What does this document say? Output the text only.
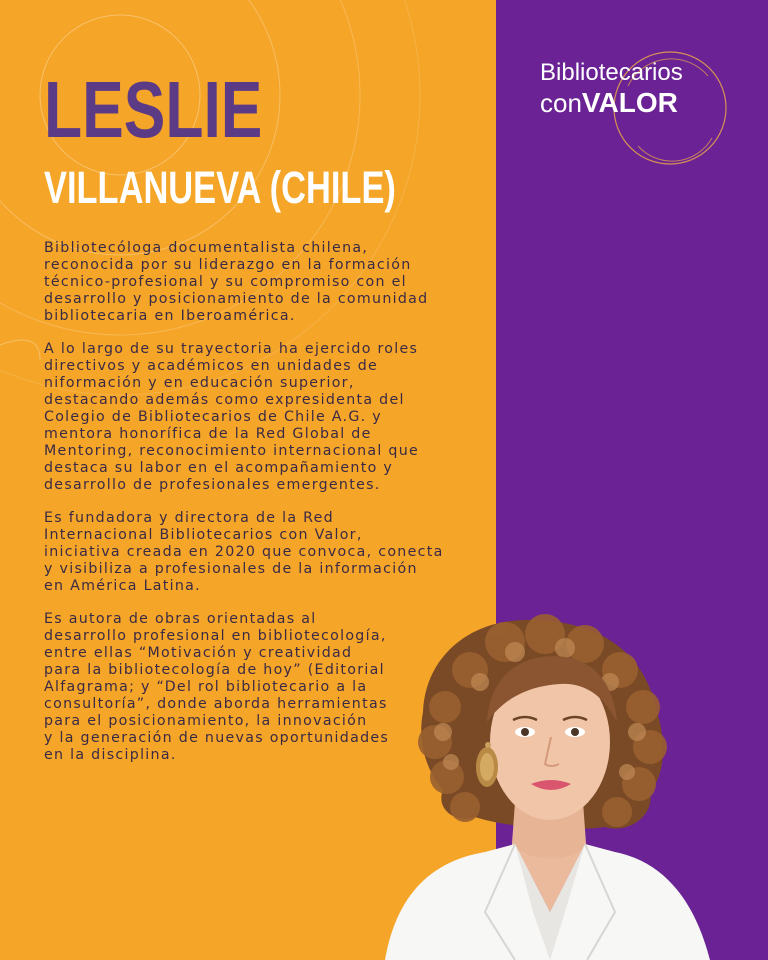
LESLIE
VILLANUEVA (CHILE)
Bibliotecarios
conVALOR

Bibliotecóloga documentalista chilena,
reconocida por su liderazgo en la formación
técnico-profesional y su compromiso con el
desarrollo y posicionamiento de la comunidad
bibliotecaria en Iberoamérica.

A lo largo de su trayectoria ha ejercido roles
directivos y académicos en unidades de
niformación y en educación superior,
destacando además como expresidenta del
Colegio de Bibliotecarios de Chile A.G. y
mentora honorífica de la Red Global de
Mentoring, reconocimiento internacional que
destaca su labor en el acompañamiento y
desarrollo de profesionales emergentes.

Es fundadora y directora de la Red
Internacional Bibliotecarios con Valor,
iniciativa creada en 2020 que convoca, conecta
y visibiliza a profesionales de la información
en América Latina.

Es autora de obras orientadas al
desarrollo profesional en bibliotecología,
entre ellas “Motivación y creatividad
para la bibliotecología de hoy” (Editorial
Alfagrama; y “Del rol bibliotecario a la
consultoría”, donde aborda herramientas
para el posicionamiento, la innovación
y la generación de nuevas oportunidades
en la disciplina.
